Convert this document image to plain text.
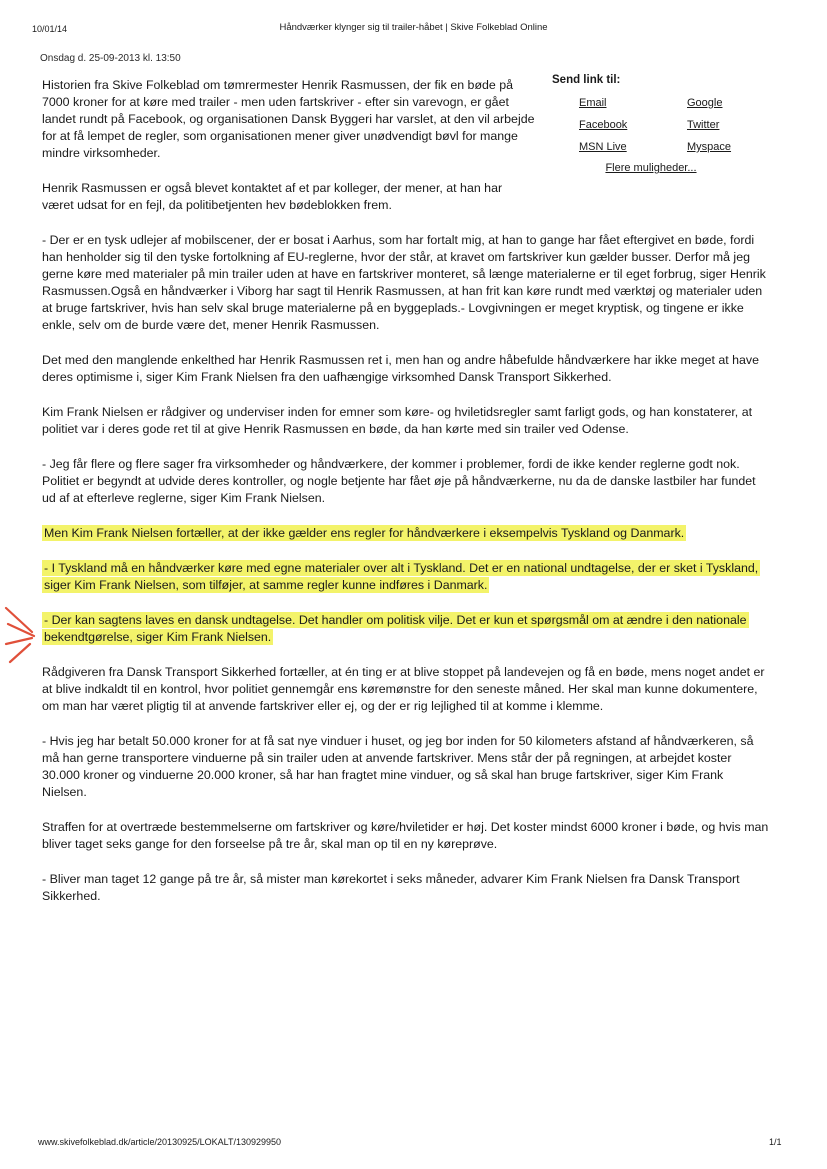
10/01/14	Håndværker klynger sig til trailer-håbet | Skive Folkeblad Online
Onsdag d. 25-09-2013 kl. 13:50
Send link til:
Email	Google
Facebook	Twitter
MSN Live	Myspace
Flere muligheder...

Historien fra Skive Folkeblad om tømrermester Henrik Rasmussen, der fik en bøde på 7000 kroner for at køre med trailer - men uden fartskriver - efter sin varevogn, er gået landet rundt på Facebook, og organisationen Dansk Byggeri har varslet, at den vil arbejde for at få lempet de regler, som organisationen mener giver unødvendigt bøvl for mange mindre virksomheder.

Henrik Rasmussen er også blevet kontaktet af et par kolleger, der mener, at han har været udsat for en fejl, da politibetjenten hev bødeblokken frem.

- Der er en tysk udlejer af mobilscener, der er bosat i Aarhus, som har fortalt mig, at han to gange har fået eftergivet en bøde, fordi han henholder sig til den tyske fortolkning af EU-reglerne, hvor der står, at kravet om fartskriver kun gælder busser. Derfor må jeg gerne køre med materialer på min trailer uden at have en fartskriver monteret, så længe materialerne er til eget forbrug, siger Henrik Rasmussen.Også en håndværker i Viborg har sagt til Henrik Rasmussen, at han frit kan køre rundt med værktøj og materialer uden at bruge fartskriver, hvis han selv skal bruge materialerne på en byggeplads.- Lovgivningen er meget kryptisk, og tingene er ikke enkle, selv om de burde være det, mener Henrik Rasmussen.

Det med den manglende enkelthed har Henrik Rasmussen ret i, men han og andre håbefulde håndværkere har ikke meget at have deres optimisme i, siger Kim Frank Nielsen fra den uafhængige virksomhed Dansk Transport Sikkerhed.

Kim Frank Nielsen er rådgiver og underviser inden for emner som køre- og hviletidsregler samt farligt gods, og han konstaterer, at politiet var i deres gode ret til at give Henrik Rasmussen en bøde, da han kørte med sin trailer ved Odense.

- Jeg får flere og flere sager fra virksomheder og håndværkere, der kommer i problemer, fordi de ikke kender reglerne godt nok. Politiet er begyndt at udvide deres kontroller, og nogle betjente har fået øje på håndværkerne, nu da de danske lastbiler har fundet ud af at efterleve reglerne, siger Kim Frank Nielsen.

Men Kim Frank Nielsen fortæller, at der ikke gælder ens regler for håndværkere i eksempelvis Tyskland og Danmark.

- I Tyskland må en håndværker køre med egne materialer over alt i Tyskland. Det er en national undtagelse, der er sket i Tyskland, siger Kim Frank Nielsen, som tilføjer, at samme regler kunne indføres i Danmark.

- Der kan sagtens laves en dansk undtagelse. Det handler om politisk vilje. Det er kun et spørgsmål om at ændre i den nationale bekendtgørelse, siger Kim Frank Nielsen.

Rådgiveren fra Dansk Transport Sikkerhed fortæller, at én ting er at blive stoppet på landevejen og få en bøde, mens noget andet er at blive indkaldt til en kontrol, hvor politiet gennemgår ens køremønstre for den seneste måned. Her skal man kunne dokumentere, om man har været pligtig til at anvende fartskriver eller ej, og der er rig lejlighed til at komme i klemme.

- Hvis jeg har betalt 50.000 kroner for at få sat nye vinduer i huset, og jeg bor inden for 50 kilometers afstand af håndværkeren, så må han gerne transportere vinduerne på sin trailer uden at anvende fartskriver. Mens står der på regningen, at arbejdet koster 30.000 kroner og vinduerne 20.000 kroner, så har han fragtet mine vinduer, og så skal han bruge fartskriver, siger Kim Frank Nielsen.

Straffen for at overtræde bestemmelserne om fartskriver og køre/hviletider er høj. Det koster mindst 6000 kroner i bøde, og hvis man bliver taget seks gange for den forseelse på tre år, skal man op til en ny køreprøve.

- Bliver man taget 12 gange på tre år, så mister man kørekortet i seks måneder, advarer Kim Frank Nielsen fra Dansk Transport Sikkerhed.

www.skivefolkeblad.dk/article/20130925/LOKALT/130929950	1/1
